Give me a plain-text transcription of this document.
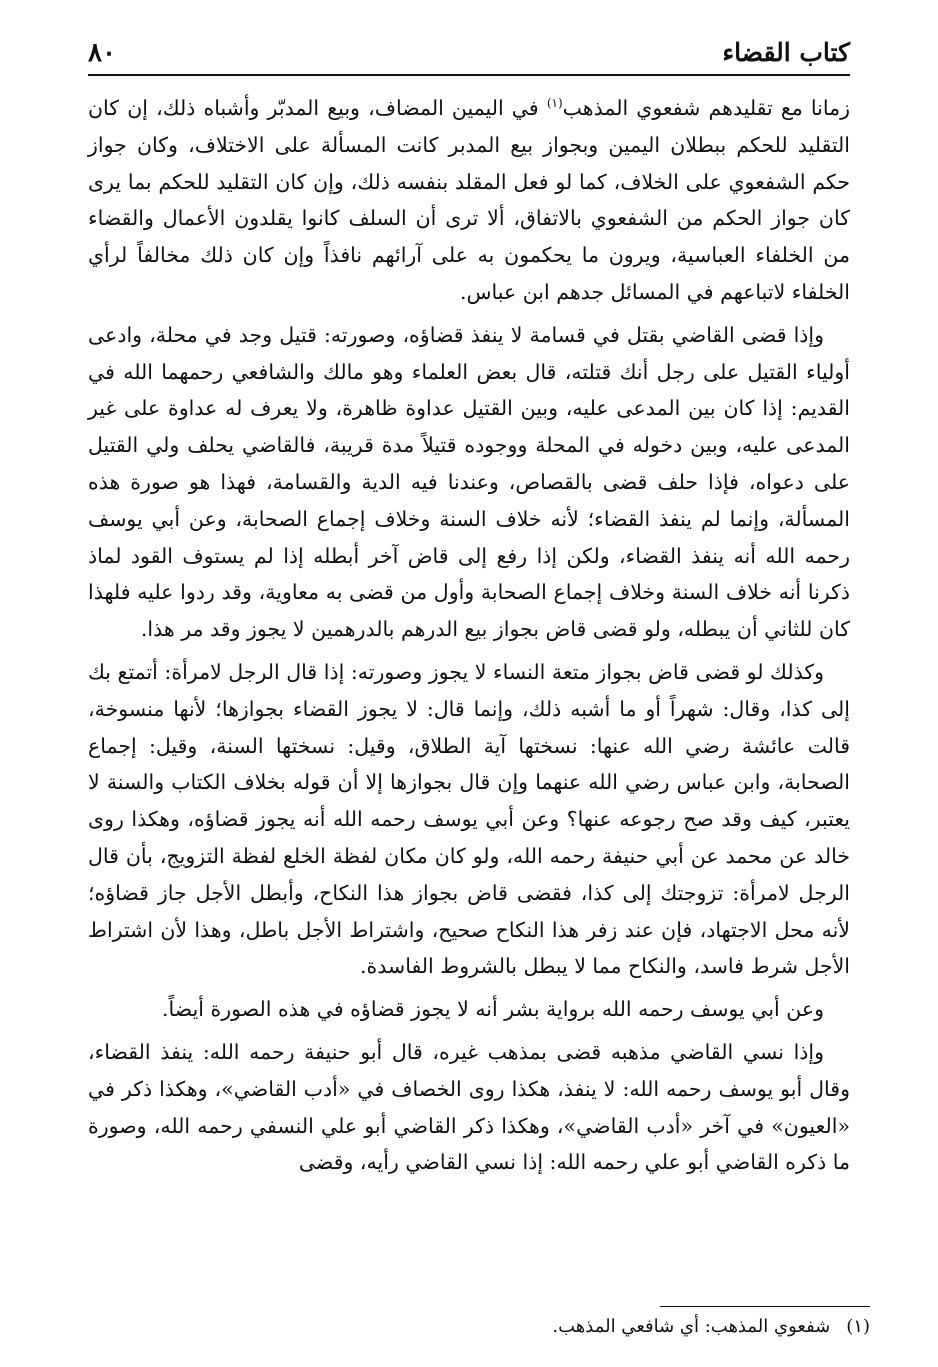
كتاب القضاء
٨٠

زمانا مع تقليدهم شفعوي المذهب$^{(١)}$ في اليمين المضاف، وبيع المدبّر وأشباه ذلك، إن كان التقليد للحكم ببطلان اليمين وبجواز بيع المدبر كانت المسألة على الاختلاف، وكان جواز حكم الشفعوي على الخلاف، كما لو فعل المقلد بنفسه ذلك، وإن كان التقليد للحكم بما يرى كان جواز الحكم من الشفعوي بالاتفاق، ألا ترى أن السلف كانوا يقلدون الأعمال والقضاء من الخلفاء العباسية، ويرون ما يحكمون به على آرائهم نافذاً وإن كان ذلك مخالفاً لرأي الخلفاء لاتباعهم في المسائل جدهم ابن عباس.

وإذا قضى القاضي بقتل في قسامة لا ينفذ قضاؤه، وصورته: قتيل وجد في محلة، وادعى أولياء القتيل على رجل أنك قتلته، قال بعض العلماء وهو مالك والشافعي رحمهما الله في القديم: إذا كان بين المدعى عليه، وبين القتيل عداوة ظاهرة، ولا يعرف له عداوة على غير المدعى عليه، وبين دخوله في المحلة ووجوده قتيلاً مدة قريبة، فالقاضي يحلف ولي القتيل على دعواه، فإذا حلف قضى بالقصاص، وعندنا فيه الدية والقسامة، فهذا هو صورة هذه المسألة، وإنما لم ينفذ القضاء؛ لأنه خلاف السنة وخلاف إجماع الصحابة، وعن أبي يوسف رحمه الله أنه ينفذ القضاء، ولكن إذا رفع إلى قاض آخر أبطله إذا لم يستوف القود لماذ ذكرنا أنه خلاف السنة وخلاف إجماع الصحابة وأول من قضى به معاوية، وقد ردوا عليه فلهذا كان للثاني أن يبطله، ولو قضى قاض بجواز بيع الدرهم بالدرهمين لا يجوز وقد مر هذا.

وكذلك لو قضى قاض بجواز متعة النساء لا يجوز وصورته: إذا قال الرجل لامرأة: أتمتع بك إلى كذا، وقال: شهراً أو ما أشبه ذلك، وإنما قال: لا يجوز القضاء بجوازها؛ لأنها منسوخة، قالت عائشة رضي الله عنها: نسختها آية الطلاق، وقيل: نسختها السنة، وقيل: إجماع الصحابة، وابن عباس رضي الله عنهما وإن قال بجوازها إلا أن قوله بخلاف الكتاب والسنة لا يعتبر، كيف وقد صح رجوعه عنها؟ وعن أبي يوسف رحمه الله أنه يجوز قضاؤه، وهكذا روى خالد عن محمد عن أبي حنيفة رحمه الله، ولو كان مكان لفظة الخلع لفظة التزويج، بأن قال الرجل لامرأة: تزوجتك إلى كذا، فقضى قاض بجواز هذا النكاح، وأبطل الأجل جاز قضاؤه؛ لأنه محل الاجتهاد، فإن عند زفر هذا النكاح صحيح، واشتراط الأجل باطل، وهذا لأن اشتراط الأجل شرط فاسد، والنكاح مما لا يبطل بالشروط الفاسدة.

وعن أبي يوسف رحمه الله برواية بشر أنه لا يجوز قضاؤه في هذه الصورة أيضاً.

وإذا نسي القاضي مذهبه قضى بمذهب غيره، قال أبو حنيفة رحمه الله: ينفذ القضاء، وقال أبو يوسف رحمه الله: لا ينفذ، هكذا روى الخصاف في «أدب القاضي»، وهكذا ذكر في «العيون» في آخر «أدب القاضي»، وهكذا ذكر القاضي أبو علي النسفي رحمه الله، وصورة ما ذكره القاضي أبو علي رحمه الله: إذا نسي القاضي رأيه، وقضى

(١)شفعوي المذهب: أي شافعي المذهب.
